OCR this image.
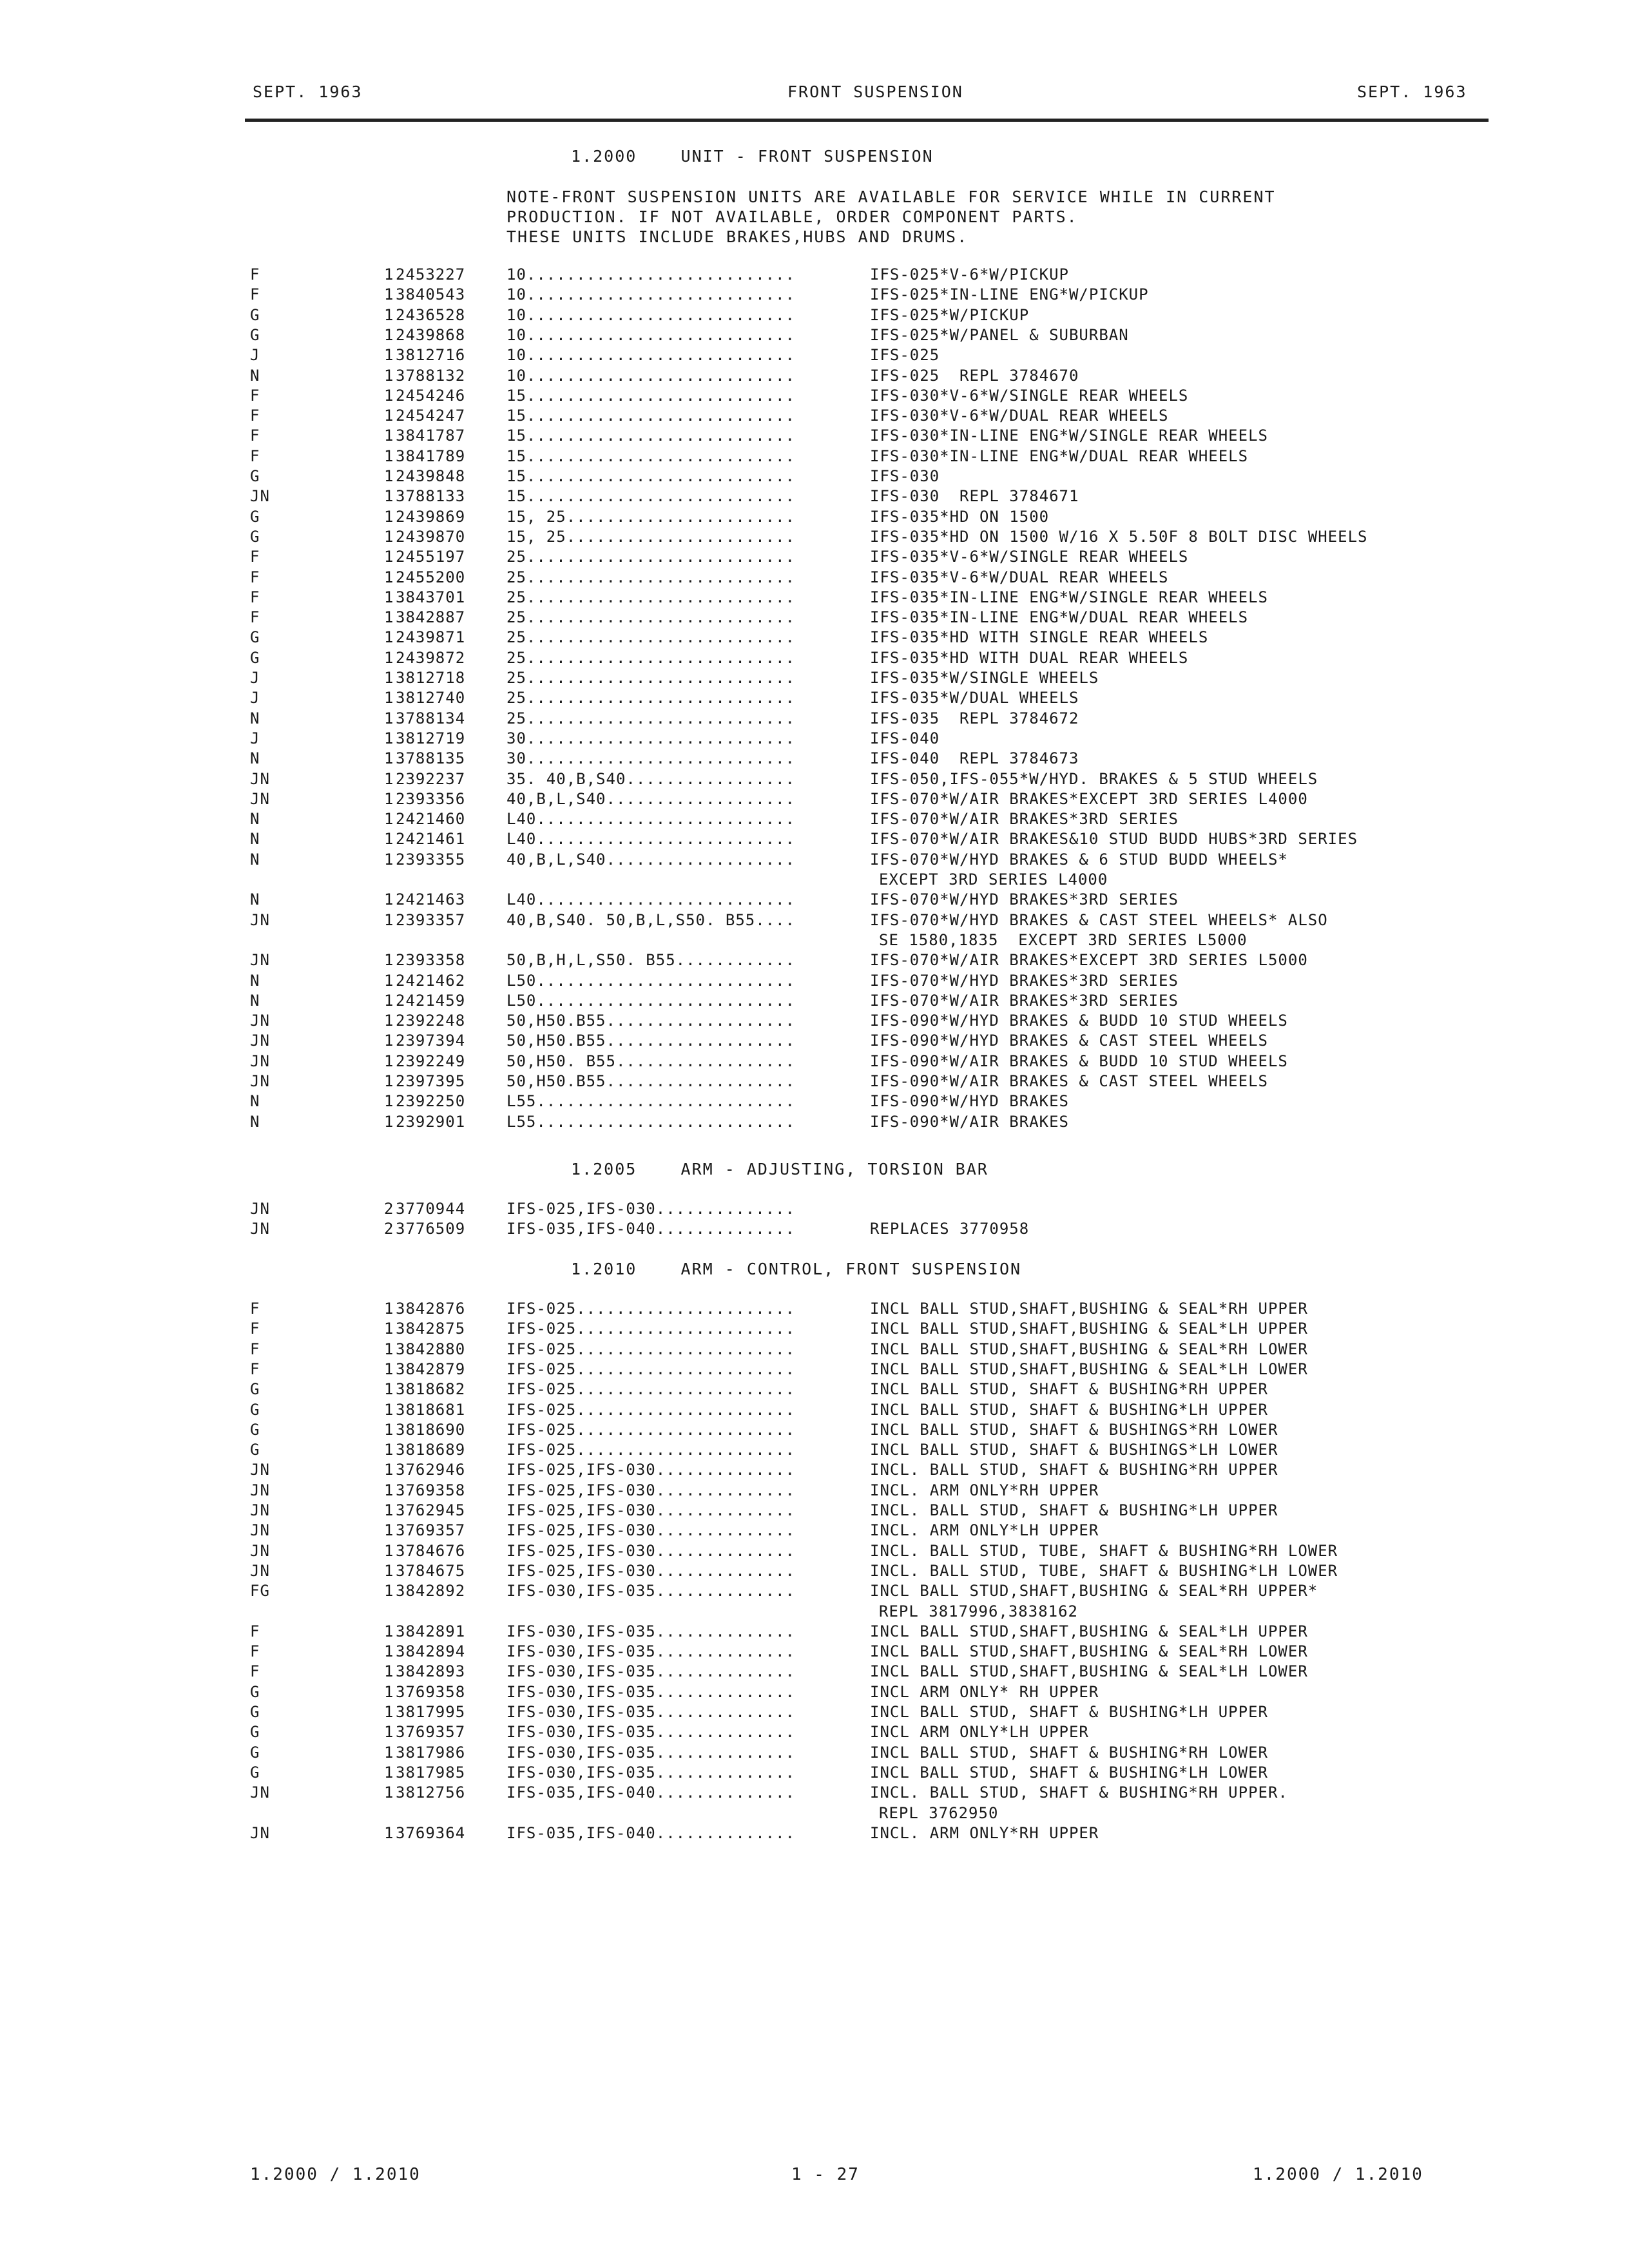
SEPT. 1963	FRONT SUSPENSION	SEPT. 1963
1.2000    UNIT - FRONT SUSPENSION
NOTE-FRONT SUSPENSION UNITS ARE AVAILABLE FOR SERVICE WHILE IN CURRENT
PRODUCTION. IF NOT AVAILABLE, ORDER COMPONENT PARTS.
THESE UNITS INCLUDE BRAKES,HUBS AND DRUMS.
F	1 2453227	10...........................	IFS-025*V-6*W/PICKUP
F	1 3840543	10...........................	IFS-025*IN-LINE ENG*W/PICKUP
G	1 2436528	10...........................	IFS-025*W/PICKUP
G	1 2439868	10...........................	IFS-025*W/PANEL & SUBURBAN
J	1 3812716	10...........................	IFS-025
N	1 3788132	10...........................	IFS-025  REPL 3784670
F	1 2454246	15...........................	IFS-030*V-6*W/SINGLE REAR WHEELS
F	1 2454247	15...........................	IFS-030*V-6*W/DUAL REAR WHEELS
F	1 3841787	15...........................	IFS-030*IN-LINE ENG*W/SINGLE REAR WHEELS
F	1 3841789	15...........................	IFS-030*IN-LINE ENG*W/DUAL REAR WHEELS
G	1 2439848	15...........................	IFS-030
JN	1 3788133	15...........................	IFS-030  REPL 3784671
G	1 2439869	15, 25.......................	IFS-035*HD ON 1500
G	1 2439870	15, 25.......................	IFS-035*HD ON 1500 W/16 X 5.50F 8 BOLT DISC WHEELS
F	1 2455197	25...........................	IFS-035*V-6*W/SINGLE REAR WHEELS
F	1 2455200	25...........................	IFS-035*V-6*W/DUAL REAR WHEELS
F	1 3843701	25...........................	IFS-035*IN-LINE ENG*W/SINGLE REAR WHEELS
F	1 3842887	25...........................	IFS-035*IN-LINE ENG*W/DUAL REAR WHEELS
G	1 2439871	25...........................	IFS-035*HD WITH SINGLE REAR WHEELS
G	1 2439872	25...........................	IFS-035*HD WITH DUAL REAR WHEELS
J	1 3812718	25...........................	IFS-035*W/SINGLE WHEELS
J	1 3812740	25...........................	IFS-035*W/DUAL WHEELS
N	1 3788134	25...........................	IFS-035  REPL 3784672
J	1 3812719	30...........................	IFS-040
N	1 3788135	30...........................	IFS-040  REPL 3784673
JN	1 2392237	35. 40,B,S40.................	IFS-050,IFS-055*W/HYD. BRAKES & 5 STUD WHEELS
JN	1 2393356	40,B,L,S40...................	IFS-070*W/AIR BRAKES*EXCEPT 3RD SERIES L4000
N	1 2421460	L40..........................	IFS-070*W/AIR BRAKES*3RD SERIES
N	1 2421461	L40..........................	IFS-070*W/AIR BRAKES&10 STUD BUDD HUBS*3RD SERIES
N	1 2393355	40,B,L,S40...................	IFS-070*W/HYD BRAKES & 6 STUD BUDD WHEELS*
EXCEPT 3RD SERIES L4000
N	1 2421463	L40..........................	IFS-070*W/HYD BRAKES*3RD SERIES
JN	1 2393357	40,B,S40. 50,B,L,S50. B55....	IFS-070*W/HYD BRAKES & CAST STEEL WHEELS* ALSO
SE 1580,1835  EXCEPT 3RD SERIES L5000
JN	1 2393358	50,B,H,L,S50. B55............	IFS-070*W/AIR BRAKES*EXCEPT 3RD SERIES L5000
N	1 2421462	L50..........................	IFS-070*W/HYD BRAKES*3RD SERIES
N	1 2421459	L50..........................	IFS-070*W/AIR BRAKES*3RD SERIES
JN	1 2392248	50,H50.B55...................	IFS-090*W/HYD BRAKES & BUDD 10 STUD WHEELS
JN	1 2397394	50,H50.B55...................	IFS-090*W/HYD BRAKES & CAST STEEL WHEELS
JN	1 2392249	50,H50. B55..................	IFS-090*W/AIR BRAKES & BUDD 10 STUD WHEELS
JN	1 2397395	50,H50.B55...................	IFS-090*W/AIR BRAKES & CAST STEEL WHEELS
N	1 2392250	L55..........................	IFS-090*W/HYD BRAKES
N	1 2392901	L55..........................	IFS-090*W/AIR BRAKES
1.2005    ARM - ADJUSTING, TORSION BAR
JN	2 3770944	IFS-025,IFS-030..............
JN	2 3776509	IFS-035,IFS-040..............	REPLACES 3770958
1.2010    ARM - CONTROL, FRONT SUSPENSION
F	1 3842876	IFS-025......................	INCL BALL STUD,SHAFT,BUSHING & SEAL*RH UPPER
F	1 3842875	IFS-025......................	INCL BALL STUD,SHAFT,BUSHING & SEAL*LH UPPER
F	1 3842880	IFS-025......................	INCL BALL STUD,SHAFT,BUSHING & SEAL*RH LOWER
F	1 3842879	IFS-025......................	INCL BALL STUD,SHAFT,BUSHING & SEAL*LH LOWER
G	1 3818682	IFS-025......................	INCL BALL STUD, SHAFT & BUSHING*RH UPPER
G	1 3818681	IFS-025......................	INCL BALL STUD, SHAFT & BUSHING*LH UPPER
G	1 3818690	IFS-025......................	INCL BALL STUD, SHAFT & BUSHINGS*RH LOWER
G	1 3818689	IFS-025......................	INCL BALL STUD, SHAFT & BUSHINGS*LH LOWER
JN	1 3762946	IFS-025,IFS-030..............	INCL. BALL STUD, SHAFT & BUSHING*RH UPPER
JN	1 3769358	IFS-025,IFS-030..............	INCL. ARM ONLY*RH UPPER
JN	1 3762945	IFS-025,IFS-030..............	INCL. BALL STUD, SHAFT & BUSHING*LH UPPER
JN	1 3769357	IFS-025,IFS-030..............	INCL. ARM ONLY*LH UPPER
JN	1 3784676	IFS-025,IFS-030..............	INCL. BALL STUD, TUBE, SHAFT & BUSHING*RH LOWER
JN	1 3784675	IFS-025,IFS-030..............	INCL. BALL STUD, TUBE, SHAFT & BUSHING*LH LOWER
FG	1 3842892	IFS-030,IFS-035..............	INCL BALL STUD,SHAFT,BUSHING & SEAL*RH UPPER*
REPL 3817996,3838162
F	1 3842891	IFS-030,IFS-035..............	INCL BALL STUD,SHAFT,BUSHING & SEAL*LH UPPER
F	1 3842894	IFS-030,IFS-035..............	INCL BALL STUD,SHAFT,BUSHING & SEAL*RH LOWER
F	1 3842893	IFS-030,IFS-035..............	INCL BALL STUD,SHAFT,BUSHING & SEAL*LH LOWER
G	1 3769358	IFS-030,IFS-035..............	INCL ARM ONLY* RH UPPER
G	1 3817995	IFS-030,IFS-035..............	INCL BALL STUD, SHAFT & BUSHING*LH UPPER
G	1 3769357	IFS-030,IFS-035..............	INCL ARM ONLY*LH UPPER
G	1 3817986	IFS-030,IFS-035..............	INCL BALL STUD, SHAFT & BUSHING*RH LOWER
G	1 3817985	IFS-030,IFS-035..............	INCL BALL STUD, SHAFT & BUSHING*LH LOWER
JN	1 3812756	IFS-035,IFS-040..............	INCL. BALL STUD, SHAFT & BUSHING*RH UPPER.
REPL 3762950
JN	1 3769364	IFS-035,IFS-040..............	INCL. ARM ONLY*RH UPPER
1.2000 / 1.2010	1 - 27	1.2000 / 1.2010
